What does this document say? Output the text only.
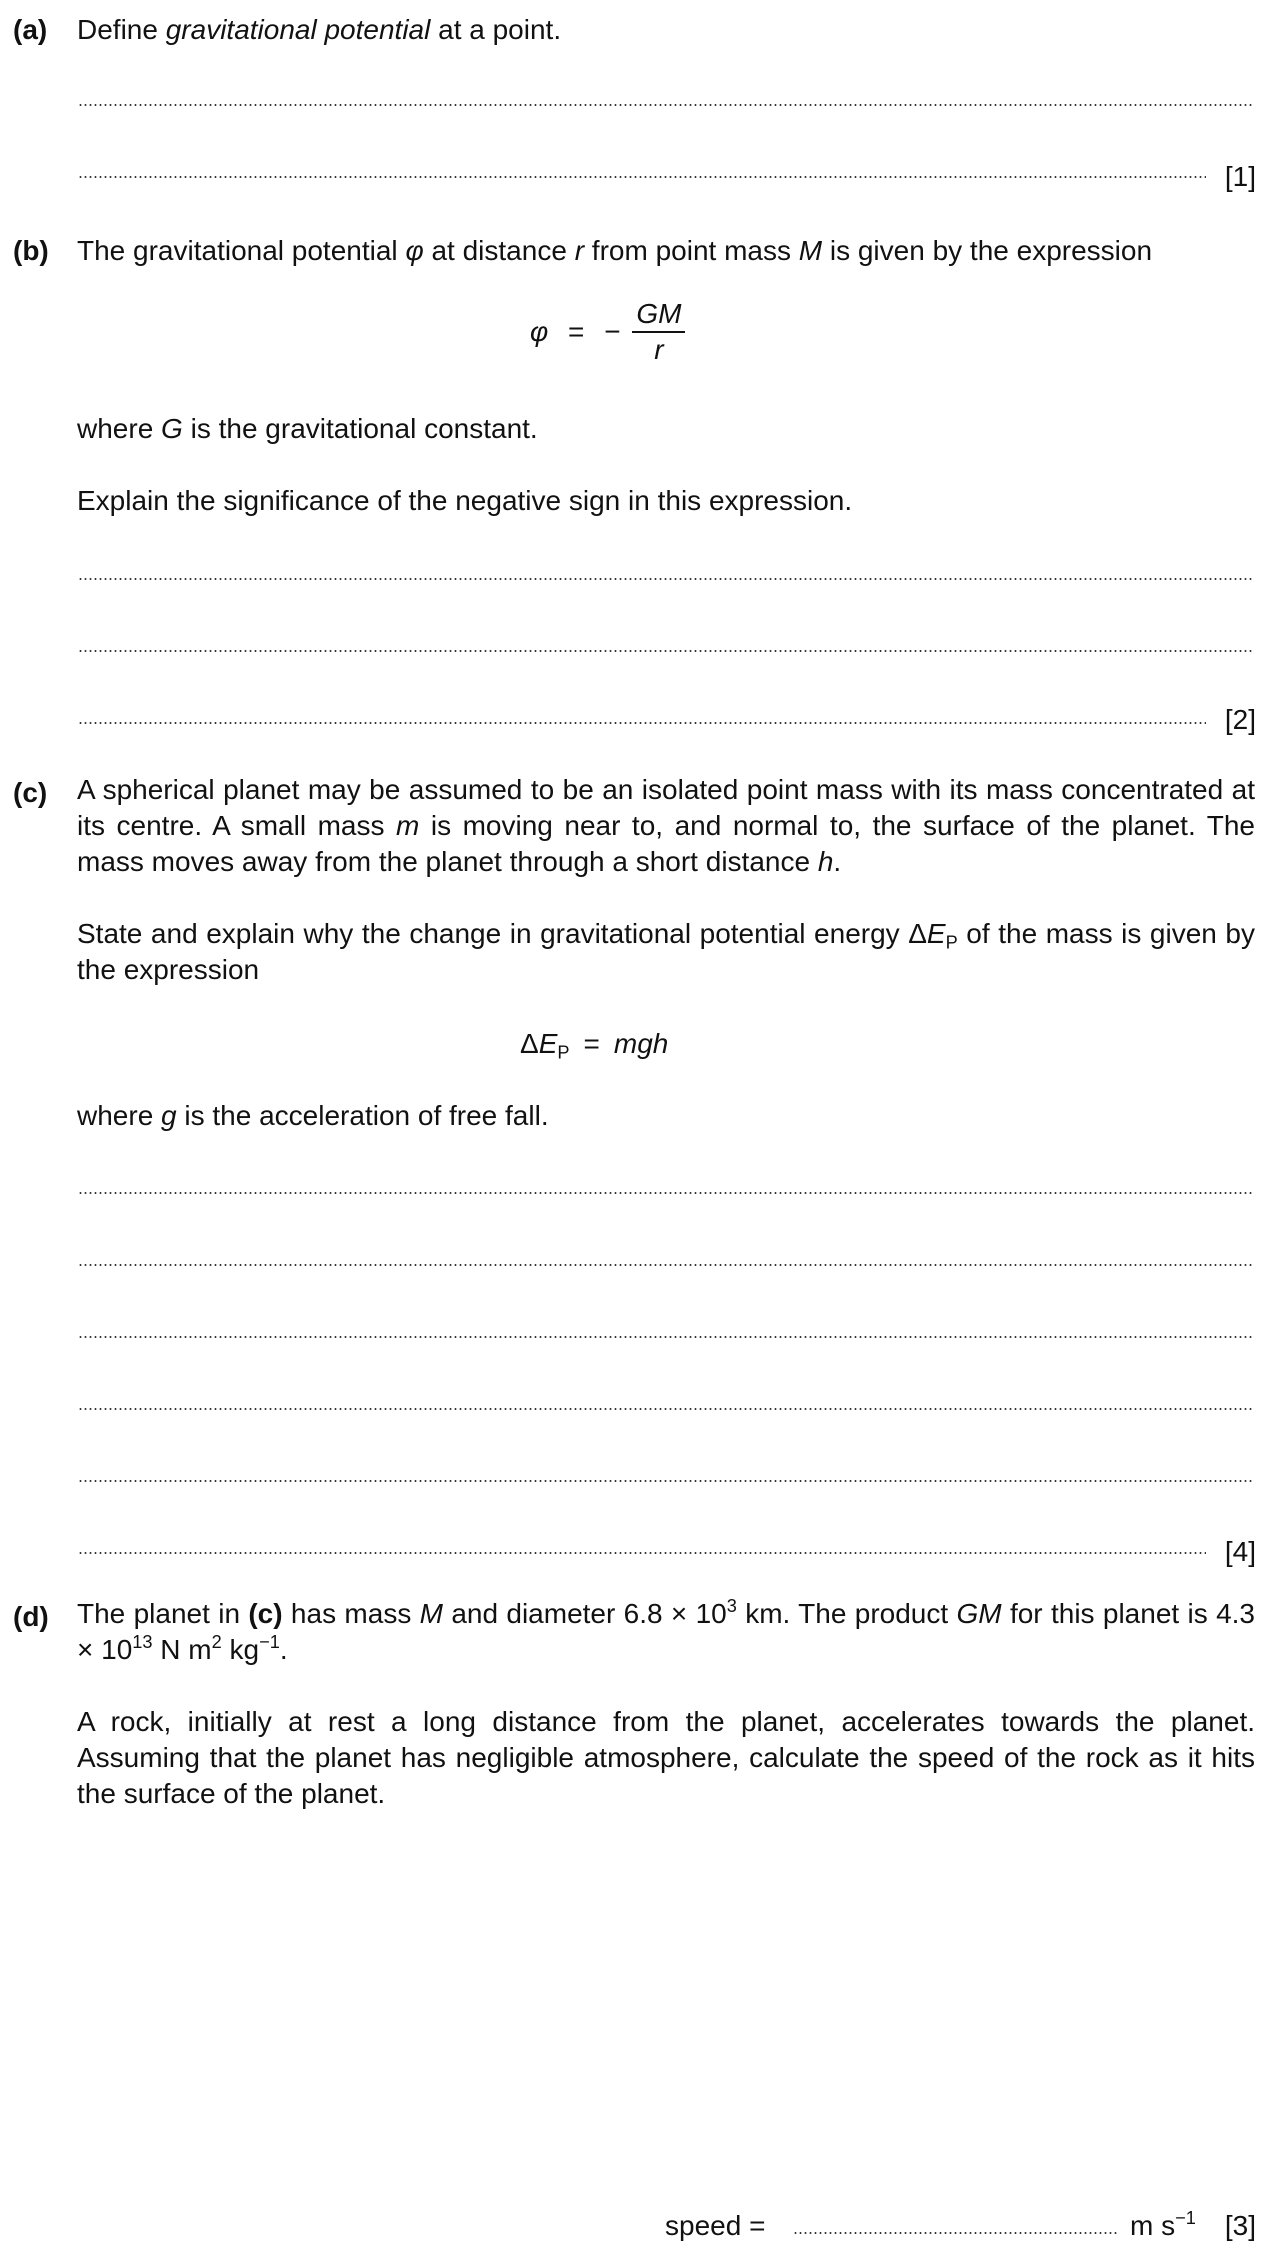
(a) Define gravitational potential at a point.
[1]
(b) The gravitational potential φ at distance r from point mass M is given by the expression
φ = − $\frac{GM}{r}$
where G is the gravitational constant.
Explain the significance of the negative sign in this expression.
[2]
(c) A spherical planet may be assumed to be an isolated point mass with its mass concentrated at its centre. A small mass m is moving near to, and normal to, the surface of the planet. The mass moves away from the planet through a short distance h.
State and explain why the change in gravitational potential energy $\Delta E_P$ of the mass is given by the expression
$\Delta E_P$ = mgh
where g is the acceleration of free fall.
[4]
(d) The planet in (c) has mass M and diameter $6.8 \times 10^3$ km. The product GM for this planet is $4.3 \times 10^{13}$ N $m^2$ $kg^{-1}$.
A rock, initially at rest a long distance from the planet, accelerates towards the planet. Assuming that the planet has negligible atmosphere, calculate the speed of the rock as it hits the surface of the planet.
speed =	m $s^{-1}$ [3]
